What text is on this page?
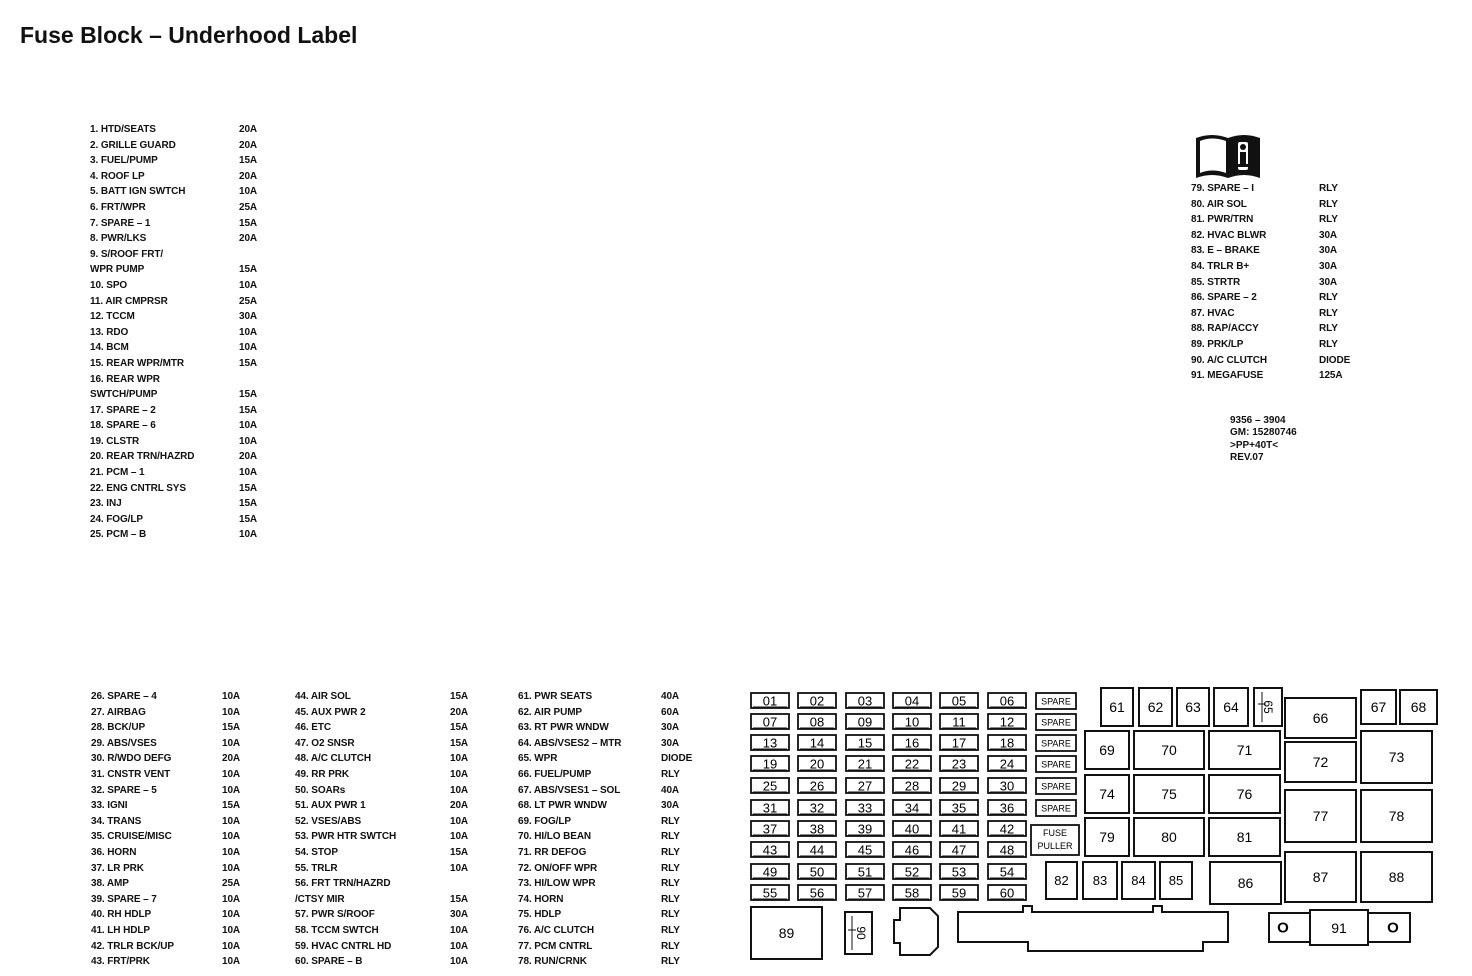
Fuse Block – Underhood Label
1. HTD/SEATS	20A
2. GRILLE GUARD	20A
3. FUEL/PUMP	15A
4. ROOF LP	20A
5. BATT IGN SWTCH	10A
6. FRT/WPR	25A
7. SPARE – 1	15A
8. PWR/LKS	20A
9. S/ROOF FRT/
WPR PUMP	15A
10. SPO	10A
11. AIR CMPRSR	25A
12. TCCM	30A
13. RDO	10A
14. BCM	10A
15. REAR WPR/MTR	15A
16. REAR WPR
SWTCH/PUMP	15A
17. SPARE – 2	15A
18. SPARE – 6	10A
19. CLSTR	10A
20. REAR TRN/HAZRD	20A
21. PCM – 1	10A
22. ENG CNTRL SYS	15A
23. INJ	15A
24. FOG/LP	15A
25. PCM – B	10A
79. SPARE – I	RLY
80. AIR SOL	RLY
81. PWR/TRN	RLY
82. HVAC BLWR	30A
83. E – BRAKE	30A
84. TRLR B+	30A
85. STRTR	30A
86. SPARE – 2	RLY
87. HVAC	RLY
88. RAP/ACCY	RLY
89. PRK/LP	RLY
90. A/C CLUTCH	DIODE
91. MEGAFUSE	125A
26. SPARE – 4	10A
27. AIRBAG	10A
28. BCK/UP	15A
29. ABS/VSES	10A
30. R/WDO DEFG	20A
31. CNSTR VENT	10A
32. SPARE – 5	10A
33. IGNI	15A
34. TRANS	10A
35. CRUISE/MISC	10A
36. HORN	10A
37. LR PRK	10A
38. AMP	25A
39. SPARE – 7	10A
40. RH HDLP	10A
41. LH HDLP	10A
42. TRLR BCK/UP	10A
43. FRT/PRK	10A
44. AIR SOL	15A
45. AUX PWR 2	20A
46. ETC	15A
47. O2 SNSR	15A
48. A/C CLUTCH	10A
49. RR PRK	10A
50. SOARs	10A
51. AUX PWR 1	20A
52. VSES/ABS	10A
53. PWR HTR SWTCH	10A
54. STOP	15A
55. TRLR	10A
56. FRT TRN/HAZRD
/CTSY MIR	15A
57. PWR S/ROOF	30A
58. TCCM SWTCH	10A
59. HVAC CNTRL HD	10A
60. SPARE – B	10A
61. PWR SEATS	40A
62. AIR PUMP	60A
63. RT PWR WNDW	30A
64. ABS/VSES2 – MTR	30A
65. WPR	DIODE
66. FUEL/PUMP	RLY
67. ABS/VSES1 – SOL	40A
68. LT PWR WNDW	30A
69. FOG/LP	RLY
70. HI/LO BEAN	RLY
71. RR DEFOG	RLY
72. ON/OFF WPR	RLY
73. HI/LOW WPR	RLY
74. HORN	RLY
75. HDLP	RLY
76. A/C CLUTCH	RLY
77. PCM CNTRL	RLY
78. RUN/CRNK	RLY
9356 – 3904
GM: 15280746
>PP+40T<
REV.07
01	02	03	04	05	06
07	08	09	10	11	12
13	14	15	16	17	18
19	20	21	22	23	24
25	26	27	28	29	30
31	32	33	34	35	36
37	38	39	40	41	42
43	44	45	46	47	48
49	50	51	52	53	54
55	56	57	58	59	60
SPARE
SPARE
SPARE
SPARE
SPARE
SPARE
FUSE
PULLER
61 62 63 64
66
67 68
69	70	71
72	73
74	75	76
77	78
79	80	81
82 83 84 85	86	87	88
89
65
90	91
O	O
